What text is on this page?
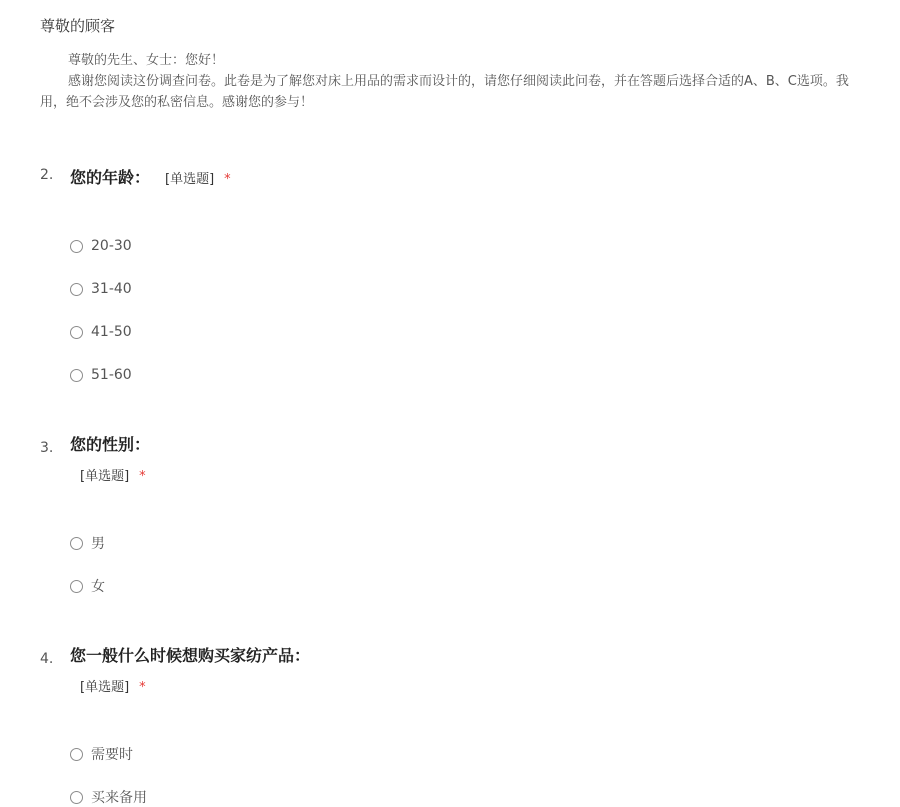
尊敬的顾客
尊敬的先生、女士：您好！
感谢您阅读这份调查问卷。此卷是为了解您对床上用品的需求而设计的，请您仔细阅读此问卷，并在答题后选择合适的A、B、C选项。我
用，绝不会涉及您的私密信息。感谢您的参与！
2. 您的年龄： [单选题] *
20-30
31-40
41-50
51-60
3. 您的性别：
[单选题] *
男
女
4. 您一般什么时候想购买家纺产品：
[单选题] *
需要时
买来备用
